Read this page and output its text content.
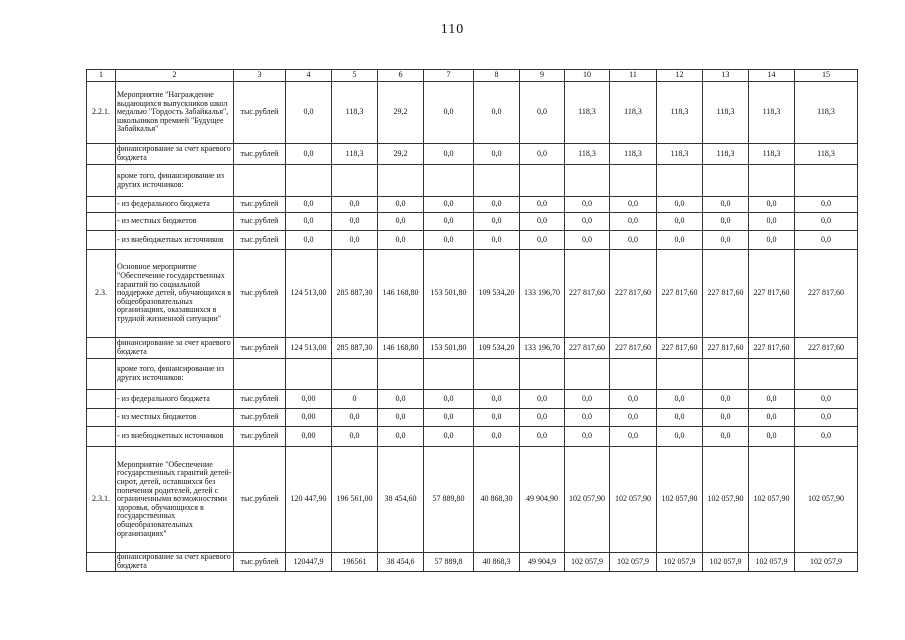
110
1	2	3	4	5	6	7	8	9	10	11	12	13	14	15
2.2.1.	Мероприятие "Награждение выдающихся выпускников школ медалью "Гордость Забайкалья", школьников премией "Будущее Забайкалья"	тыс.рублей	0,0	118,3	29,2	0,0	0,0	0,0	118,3	118,3	118,3	118,3	118,3	118,3
	финансирование за счет краевого бюджета	тыс.рублей	0,0	118,3	29,2	0,0	0,0	0,0	118,3	118,3	118,3	118,3	118,3	118,3
	кроме того, финансирование из других источников:													
	- из федерального бюджета	тыс.рублей	0,0	0,0	0,0	0,0	0,0	0,0	0,0	0,0	0,0	0,0	0,0	0,0
	- из местных бюджетов	тыс.рублей	0,0	0,0	0,0	0,0	0,0	0,0	0,0	0,0	0,0	0,0	0,0	0,0
	- из внебюджетных источников	тыс.рублей	0,0	0,0	0,0	0,0	0,0	0,0	0,0	0,0	0,0	0,0	0,0	0,0
2.3.	Основное мероприятие "Обеспечение государственных гарантий по социальной поддержке детей, обучающихся в общеобразовательных организациях, оказавшихся в трудной жизненной ситуации"	тыс.рублей	124 513,00	285 887,30	146 168,80	153 501,80	109 534,20	133 196,70	227 817,60	227 817,60	227 817,60	227 817,60	227 817,60	227 817,60
	финансирование за счет краевого бюджета	тыс.рублей	124 513,00	285 887,30	146 168,80	153 501,80	109 534,20	133 196,70	227 817,60	227 817,60	227 817,60	227 817,60	227 817,60	227 817,60
	кроме того, финансирование из других источников:													
	- из федерального бюджета	тыс.рублей	0,00	0	0,0	0,0	0,0	0,0	0,0	0,0	0,0	0,0	0,0	0,0
	- из местных бюджетов	тыс.рублей	0,00	0,0	0,0	0,0	0,0	0,0	0,0	0,0	0,0	0,0	0,0	0,0
	- из внебюджетных источников	тыс.рублей	0,00	0,0	0,0	0,0	0,0	0,0	0,0	0,0	0,0	0,0	0,0	0,0
2.3.1.	Мероприятие "Обеспечение государственных гарантий детей-сирот, детей, оставшихся без попечения родителей, детей с ограниченными возможностями здоровья, обучающихся в государственных общеобразовательных организациях"	тыс.рублей	120 447,90	196 561,00	38 454,60	57 889,80	40 868,30	49 904,90	102 057,90	102 057,90	102 057,90	102 057,90	102 057,90	102 057,90
	финансирование за счет краевого бюджета	тыс.рублей	120447,9	196561	38 454,6	57 889,8	40 868,3	49 904,9	102 057,9	102 057,9	102 057,9	102 057,9	102 057,9	102 057,9
